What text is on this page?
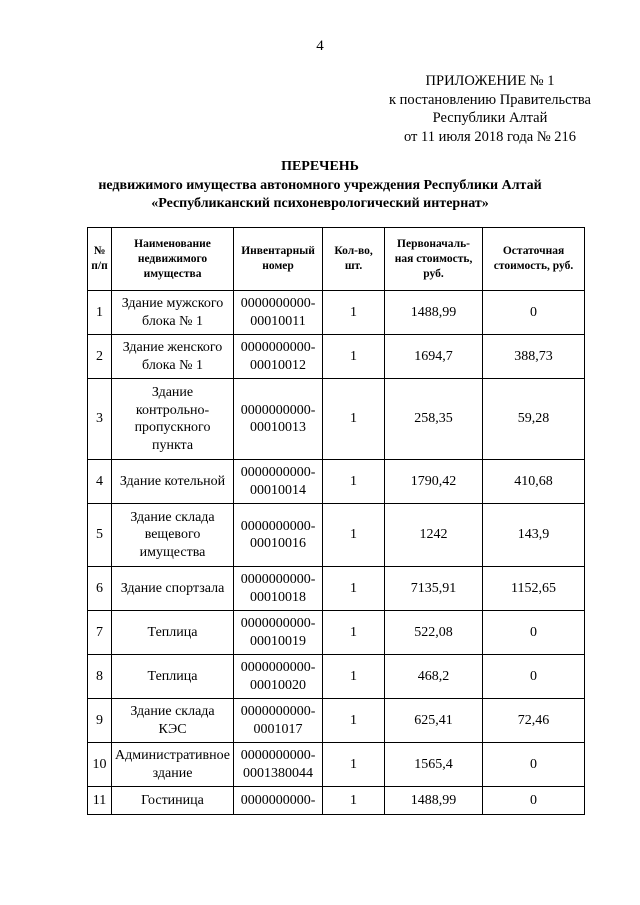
4
ПРИЛОЖЕНИЕ № 1
к постановлению Правительства
Республики Алтай
от 11 июля 2018 года № 216
ПЕРЕЧЕНЬ
недвижимого имущества автономного учреждения Республики Алтай
«Республиканский психоневрологический интернат»
№ п/п	Наименование недвижимого имущества	Инвентарный номер	Кол-во, шт.	Первоначаль-ная стоимость, руб.	Остаточная стоимость, руб.
1	Здание мужского блока № 1	0000000000-00010011	1	1488,99	0
2	Здание женского блока № 1	0000000000-00010012	1	1694,7	388,73
3	Здание контрольно-пропускного пункта	0000000000-00010013	1	258,35	59,28
4	Здание котельной	0000000000-00010014	1	1790,42	410,68
5	Здание склада вещевого имущества	0000000000-00010016	1	1242	143,9
6	Здание спортзала	0000000000-00010018	1	7135,91	1152,65
7	Теплица	0000000000-00010019	1	522,08	0
8	Теплица	0000000000-00010020	1	468,2	0
9	Здание склада КЭС	0000000000-0001017	1	625,41	72,46
10	Административное здание	0000000000-0001380044	1	1565,4	0
11	Гостиница	0000000000-	1	1488,99	0
